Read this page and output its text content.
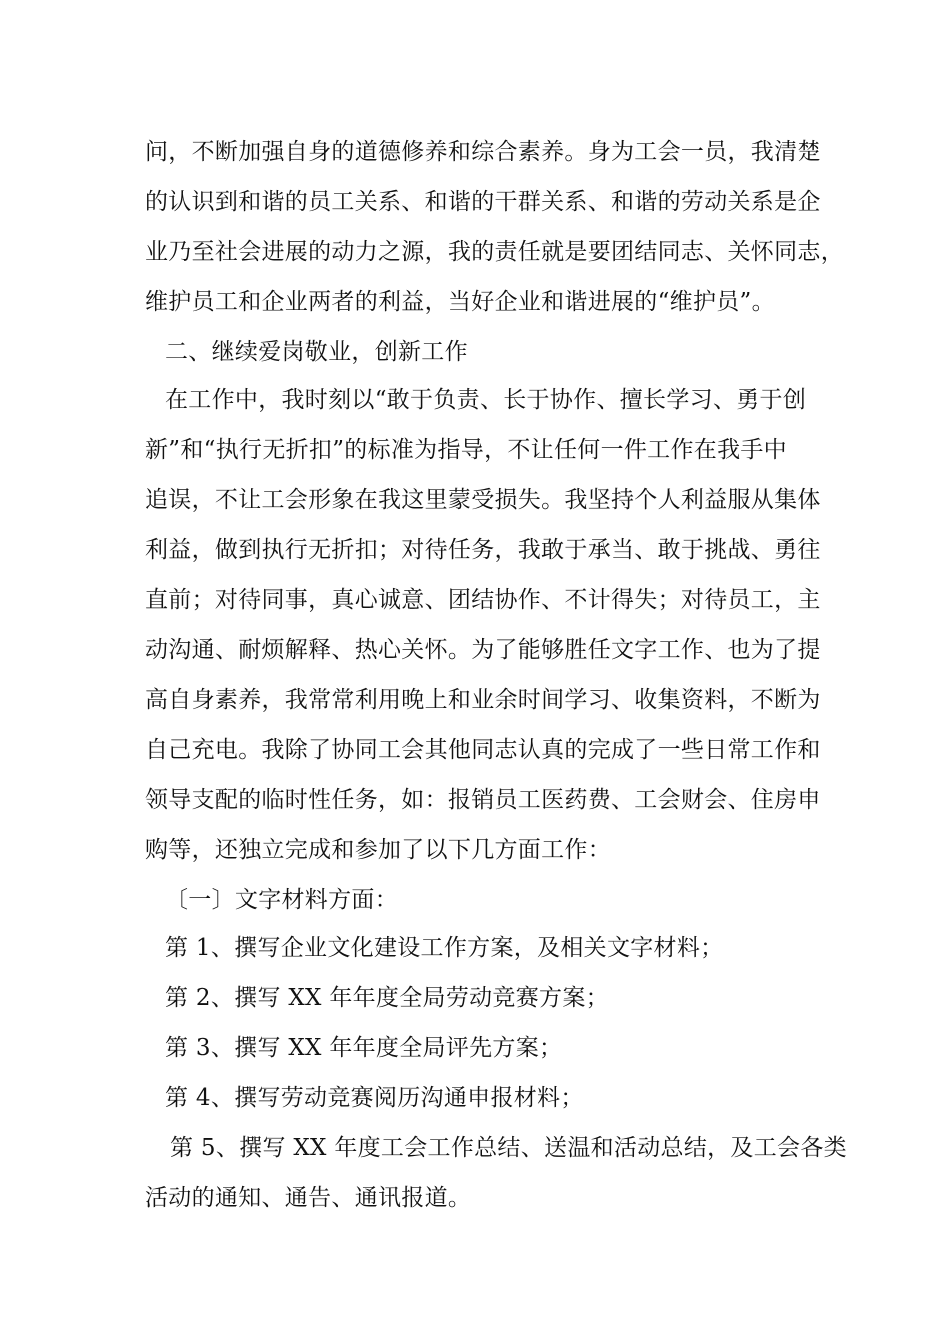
问，不断加强自身的道德修养和综合素养。身为工会一员，我清楚
的认识到和谐的员工关系、和谐的干群关系、和谐的劳动关系是企
业乃至社会进展的动力之源，我的责任就是要团结同志、关怀同志，
维护员工和企业两者的利益，当好企业和谐进展的“维护员”。
二、继续爱岗敬业，创新工作
在工作中，我时刻以“敢于负责、长于协作、擅长学习、勇于创
新”和“执行无折扣”的标准为指导，不让任何一件工作在我手中
追误，不让工会形象在我这里蒙受损失。我坚持个人利益服从集体
利益，做到执行无折扣；对待任务，我敢于承当、敢于挑战、勇往
直前；对待同事，真心诚意、团结协作、不计得失；对待员工，主
动沟通、耐烦解释、热心关怀。为了能够胜任文字工作、也为了提
高自身素养，我常常利用晚上和业余时间学习、收集资料，不断为
自己充电。我除了协同工会其他同志认真的完成了一些日常工作和
领导支配的临时性任务，如：报销员工医药费、工会财会、住房申
购等，还独立完成和参加了以下几方面工作：
〔一〕文字材料方面：
第 1、撰写企业文化建设工作方案，及相关文字材料；
第 2、撰写 XX 年年度全局劳动竞赛方案；
第 3、撰写 XX 年年度全局评先方案；
第 4、撰写劳动竞赛阅历沟通申报材料；
第 5、撰写 XX 年度工会工作总结、送温和活动总结，及工会各类
活动的通知、通告、通讯报道。
